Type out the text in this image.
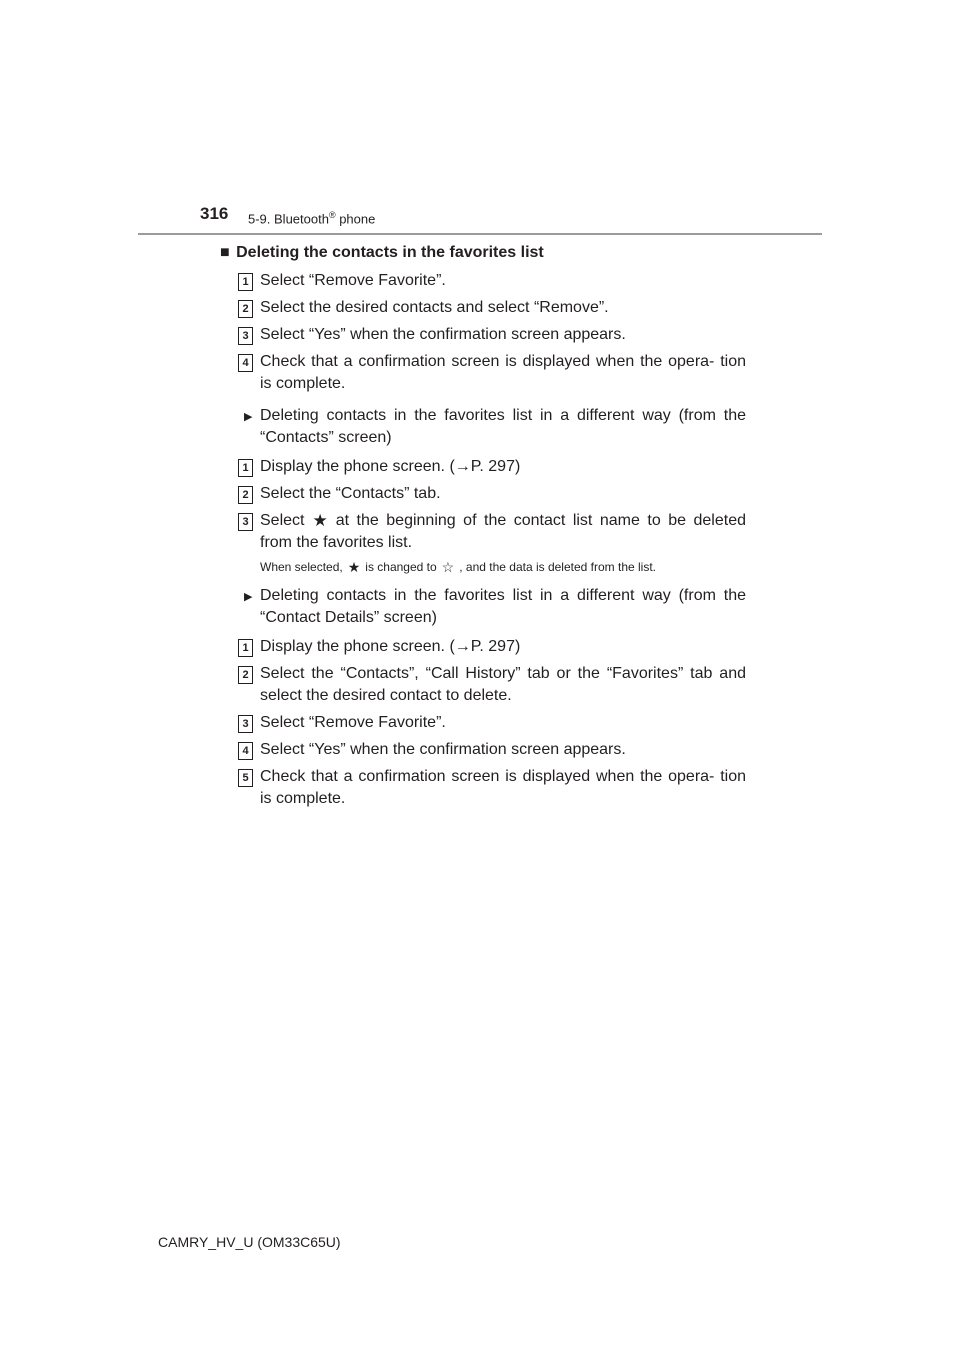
316 5-9. Bluetooth® phone
■ Deleting the contacts in the favorites list
1 Select “Remove Favorite”.
2 Select the desired contacts and select “Remove”.
3 Select “Yes” when the confirmation screen appears.
4 Check that a confirmation screen is displayed when the opera- tion is complete.
▶ Deleting contacts in the favorites list in a different way (from the “Contacts” screen)
1 Display the phone screen. (→P. 297)
2 Select the “Contacts” tab.
3 Select ★ at the beginning of the contact list name to be deleted from the favorites list.
When selected, ★ is changed to ☆ , and the data is deleted from the list.
▶ Deleting contacts in the favorites list in a different way (from the “Contact Details” screen)
1 Display the phone screen. (→P. 297)
2 Select the “Contacts”, “Call History” tab or the “Favorites” tab and select the desired contact to delete.
3 Select “Remove Favorite”.
4 Select “Yes” when the confirmation screen appears.
5 Check that a confirmation screen is displayed when the opera- tion is complete.
CAMRY_HV_U (OM33C65U)
